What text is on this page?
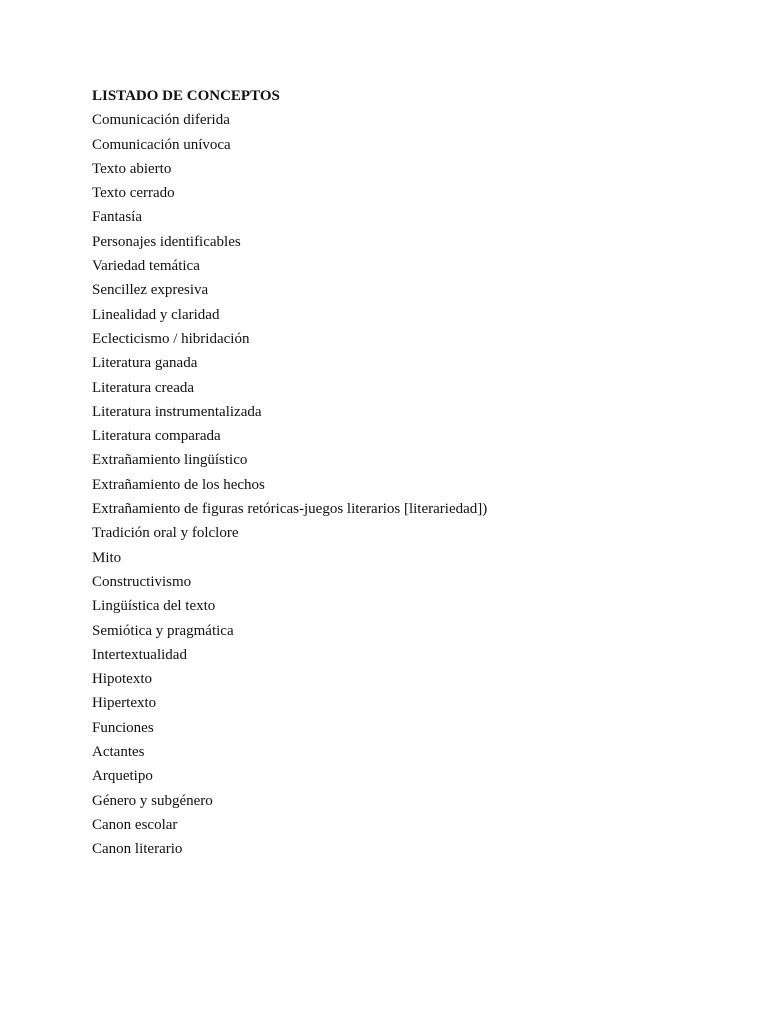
LISTADO DE CONCEPTOS
Comunicación diferida
Comunicación unívoca
Texto abierto
Texto cerrado
Fantasía
Personajes identificables
Variedad temática
Sencillez expresiva
Linealidad y claridad
Eclecticismo / hibridación
Literatura ganada
Literatura creada
Literatura instrumentalizada
Literatura comparada
Extrañamiento lingüístico
Extrañamiento de los hechos
Extrañamiento de figuras retóricas-juegos literarios [literariedad])
Tradición oral y folclore
Mito
Constructivismo
Lingüística del texto
Semiótica y pragmática
Intertextualidad
Hipotexto
Hipertexto
Funciones
Actantes
Arquetipo
Género y subgénero
Canon escolar
Canon literario
